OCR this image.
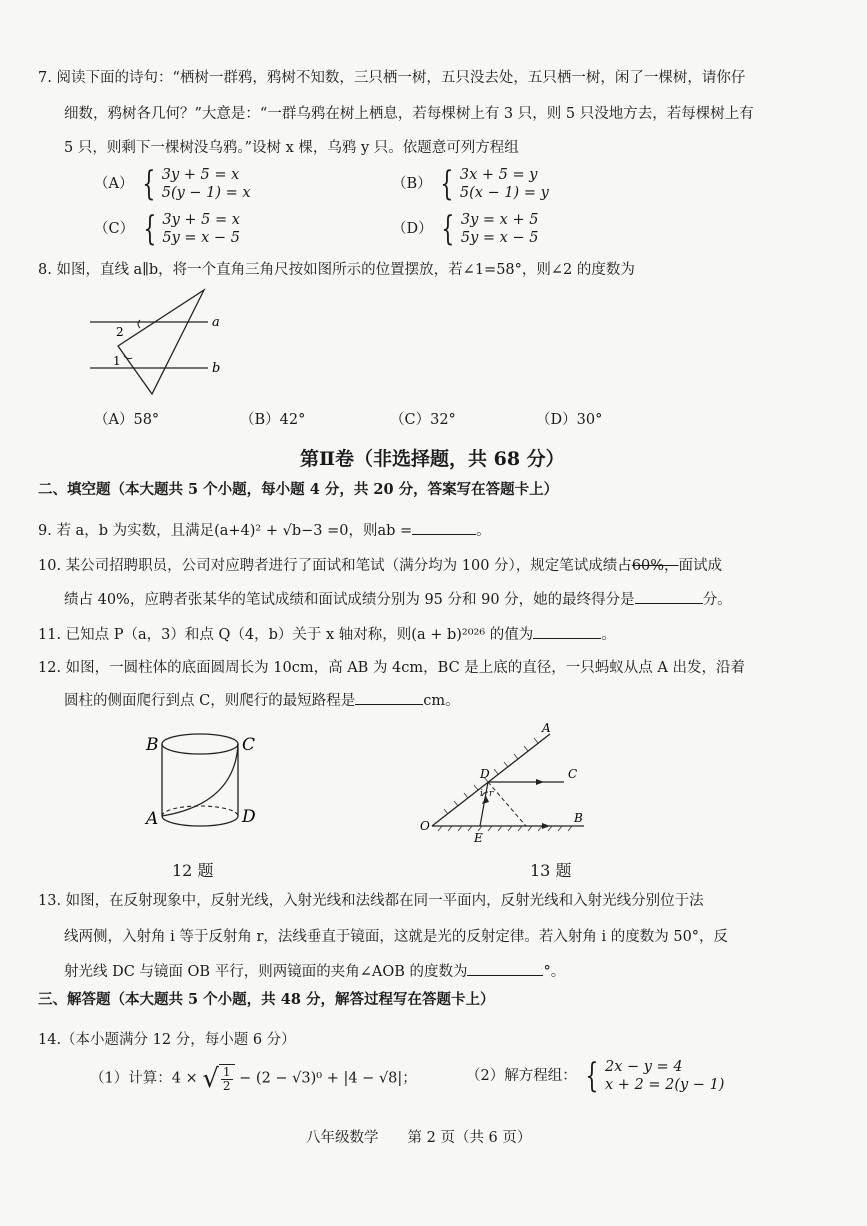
7. 阅读下面的诗句：“栖树一群鸦，鸦树不知数，三只栖一树，五只没去处，五只栖一树，闲了一棵树，请你仔
细数，鸦树各几何？”大意是：“一群乌鸦在树上栖息，若每棵树上有 3 只，则 5 只没地方去，若每棵树上有
5 只，则剩下一棵树没乌鸦。”设树 x 棵，乌鸦 y 只。依题意可列方程组
（A） { 3y + 5 = x
5(y − 1) = x
（B） { 3x + 5 = y
5(x − 1) = y
（C） { 3y + 5 = x
5y = x − 5
（D） { 3y = x + 5
5y = x − 5
8. 如图，直线 a∥b，将一个直角三角尺按如图所示的位置摆放，若∠1=58°，则∠2 的度数为
a
b
2
1
（A）58°	（B）42°	（C）32°	（D）30°
第Ⅱ卷（非选择题，共 68 分）
二、填空题（本大题共 5 个小题，每小题 4 分，共 20 分，答案写在答题卡上）
9. 若 a，b 为实数，且满足(a+4)² + √b−3 =0，则ab =	。
10. 某公司招聘职员，公司对应聘者进行了面试和笔试（满分均为 100 分），规定笔试成绩占60%，面试成
绩占 40%，应聘者张某华的笔试成绩和面试成绩分别为 95 分和 90 分，她的最终得分是	分。
11. 已知点 P（a，3）和点 Q（4，b）关于 x 轴对称，则(a + b)²⁰²⁶ 的值为	。
12. 如图，一圆柱体的底面圆周长为 10cm，高 AB 为 4cm，BC 是上底的直径，一只蚂蚁从点 A 出发，沿着
圆柱的侧面爬行到点 C，则爬行的最短路程是	cm。
B	C
A	D
12 题
A
C
D
O
E
B
i r
13 题
13. 如图，在反射现象中，反射光线，入射光线和法线都在同一平面内，反射光线和入射光线分别位于法
线两侧，入射角 i 等于反射角 r，法线垂直于镜面，这就是光的反射定律。若入射角 i 的度数为 50°，反
射光线 DC 与镜面 OB 平行，则两镜面的夹角∠AOB 的度数为	°。
三、解答题（本大题共 5 个小题，共 48 分，解答过程写在答题卡上）
14.（本小题满分 12 分，每小题 6 分）
（1）计算：4 × √ 1
2 − (2 − √3)⁰ + |4 − √8|；	（2）解方程组： { 2x − y = 4
x + 2 = 2(y − 1)
八年级数学　　第 2 页（共 6 页）
